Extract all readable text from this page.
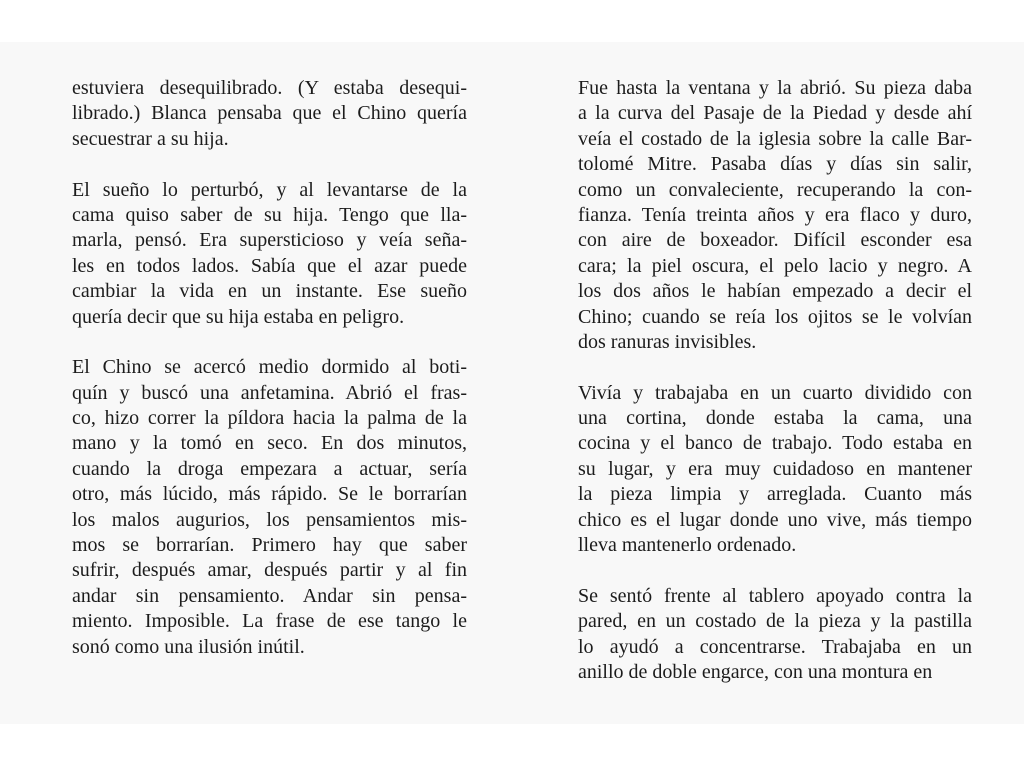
estuviera desequilibrado. (Y estaba desequi-
librado.) Blanca pensaba que el Chino quería
secuestrar a su hija.
El sueño lo perturbó, y al levantarse de la
cama quiso saber de su hija. Tengo que lla-
marla, pensó. Era supersticioso y veía seña-
les en todos lados. Sabía que el azar puede
cambiar la vida en un instante. Ese sueño
quería decir que su hija estaba en peligro.
El Chino se acercó medio dormido al boti-
quín y buscó una anfetamina. Abrió el fras-
co, hizo correr la píldora hacia la palma de la
mano y la tomó en seco. En dos minutos,
cuando la droga empezara a actuar, sería
otro, más lúcido, más rápido. Se le borrarían
los malos augurios, los pensamientos mis-
mos se borrarían. Primero hay que saber
sufrir, después amar, después partir y al fin
andar sin pensamiento. Andar sin pensa-
miento. Imposible. La frase de ese tango le
sonó como una ilusión inútil.
Fue hasta la ventana y la abrió. Su pieza daba
a la curva del Pasaje de la Piedad y desde ahí
veía el costado de la iglesia sobre la calle Bar-
tolomé Mitre. Pasaba días y días sin salir,
como un convaleciente, recuperando la con-
fianza. Tenía treinta años y era flaco y duro,
con aire de boxeador. Difícil esconder esa
cara; la piel oscura, el pelo lacio y negro. A
los dos años le habían empezado a decir el
Chino; cuando se reía los ojitos se le volvían
dos ranuras invisibles.
Vivía y trabajaba en un cuarto dividido con
una cortina, donde estaba la cama, una
cocina y el banco de trabajo. Todo estaba en
su lugar, y era muy cuidadoso en mantener
la pieza limpia y arreglada. Cuanto más
chico es el lugar donde uno vive, más tiempo
lleva mantenerlo ordenado.
Se sentó frente al tablero apoyado contra la
pared, en un costado de la pieza y la pastilla
lo ayudó a concentrarse. Trabajaba en un
anillo de doble engarce, con una montura en
